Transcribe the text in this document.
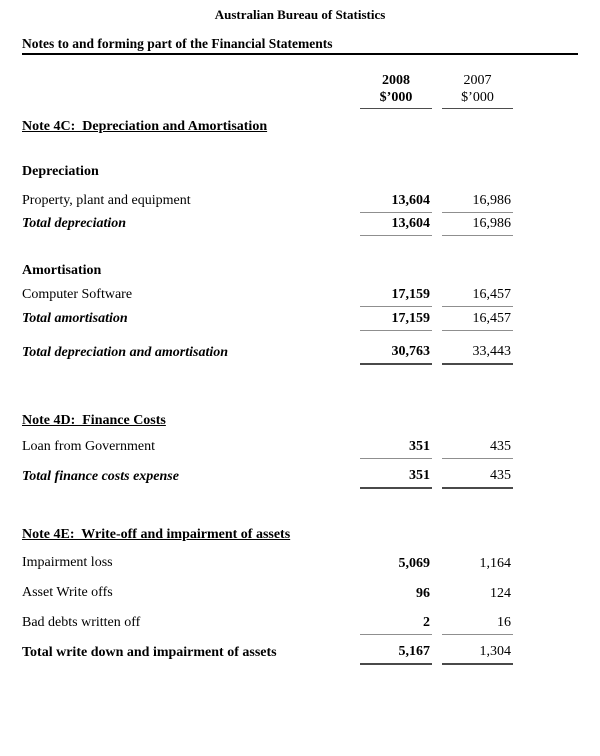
Australian Bureau of Statistics
Notes to and forming part of the Financial Statements
2008
$’000
2007
$’000
Note 4C:  Depreciation and Amortisation
Depreciation
Property, plant and equipment	13,604	16,986
Total depreciation	13,604	16,986
Amortisation
Computer Software	17,159	16,457
Total amortisation	17,159	16,457
Total depreciation and amortisation	30,763	33,443
Note 4D:  Finance Costs
Loan from Government	351	435
Total finance costs expense	351	435
Note 4E:  Write-off and impairment of assets
Impairment loss	5,069	1,164
Asset Write offs	96	124
Bad debts written off	2	16
Total write down and impairment of assets	5,167	1,304
